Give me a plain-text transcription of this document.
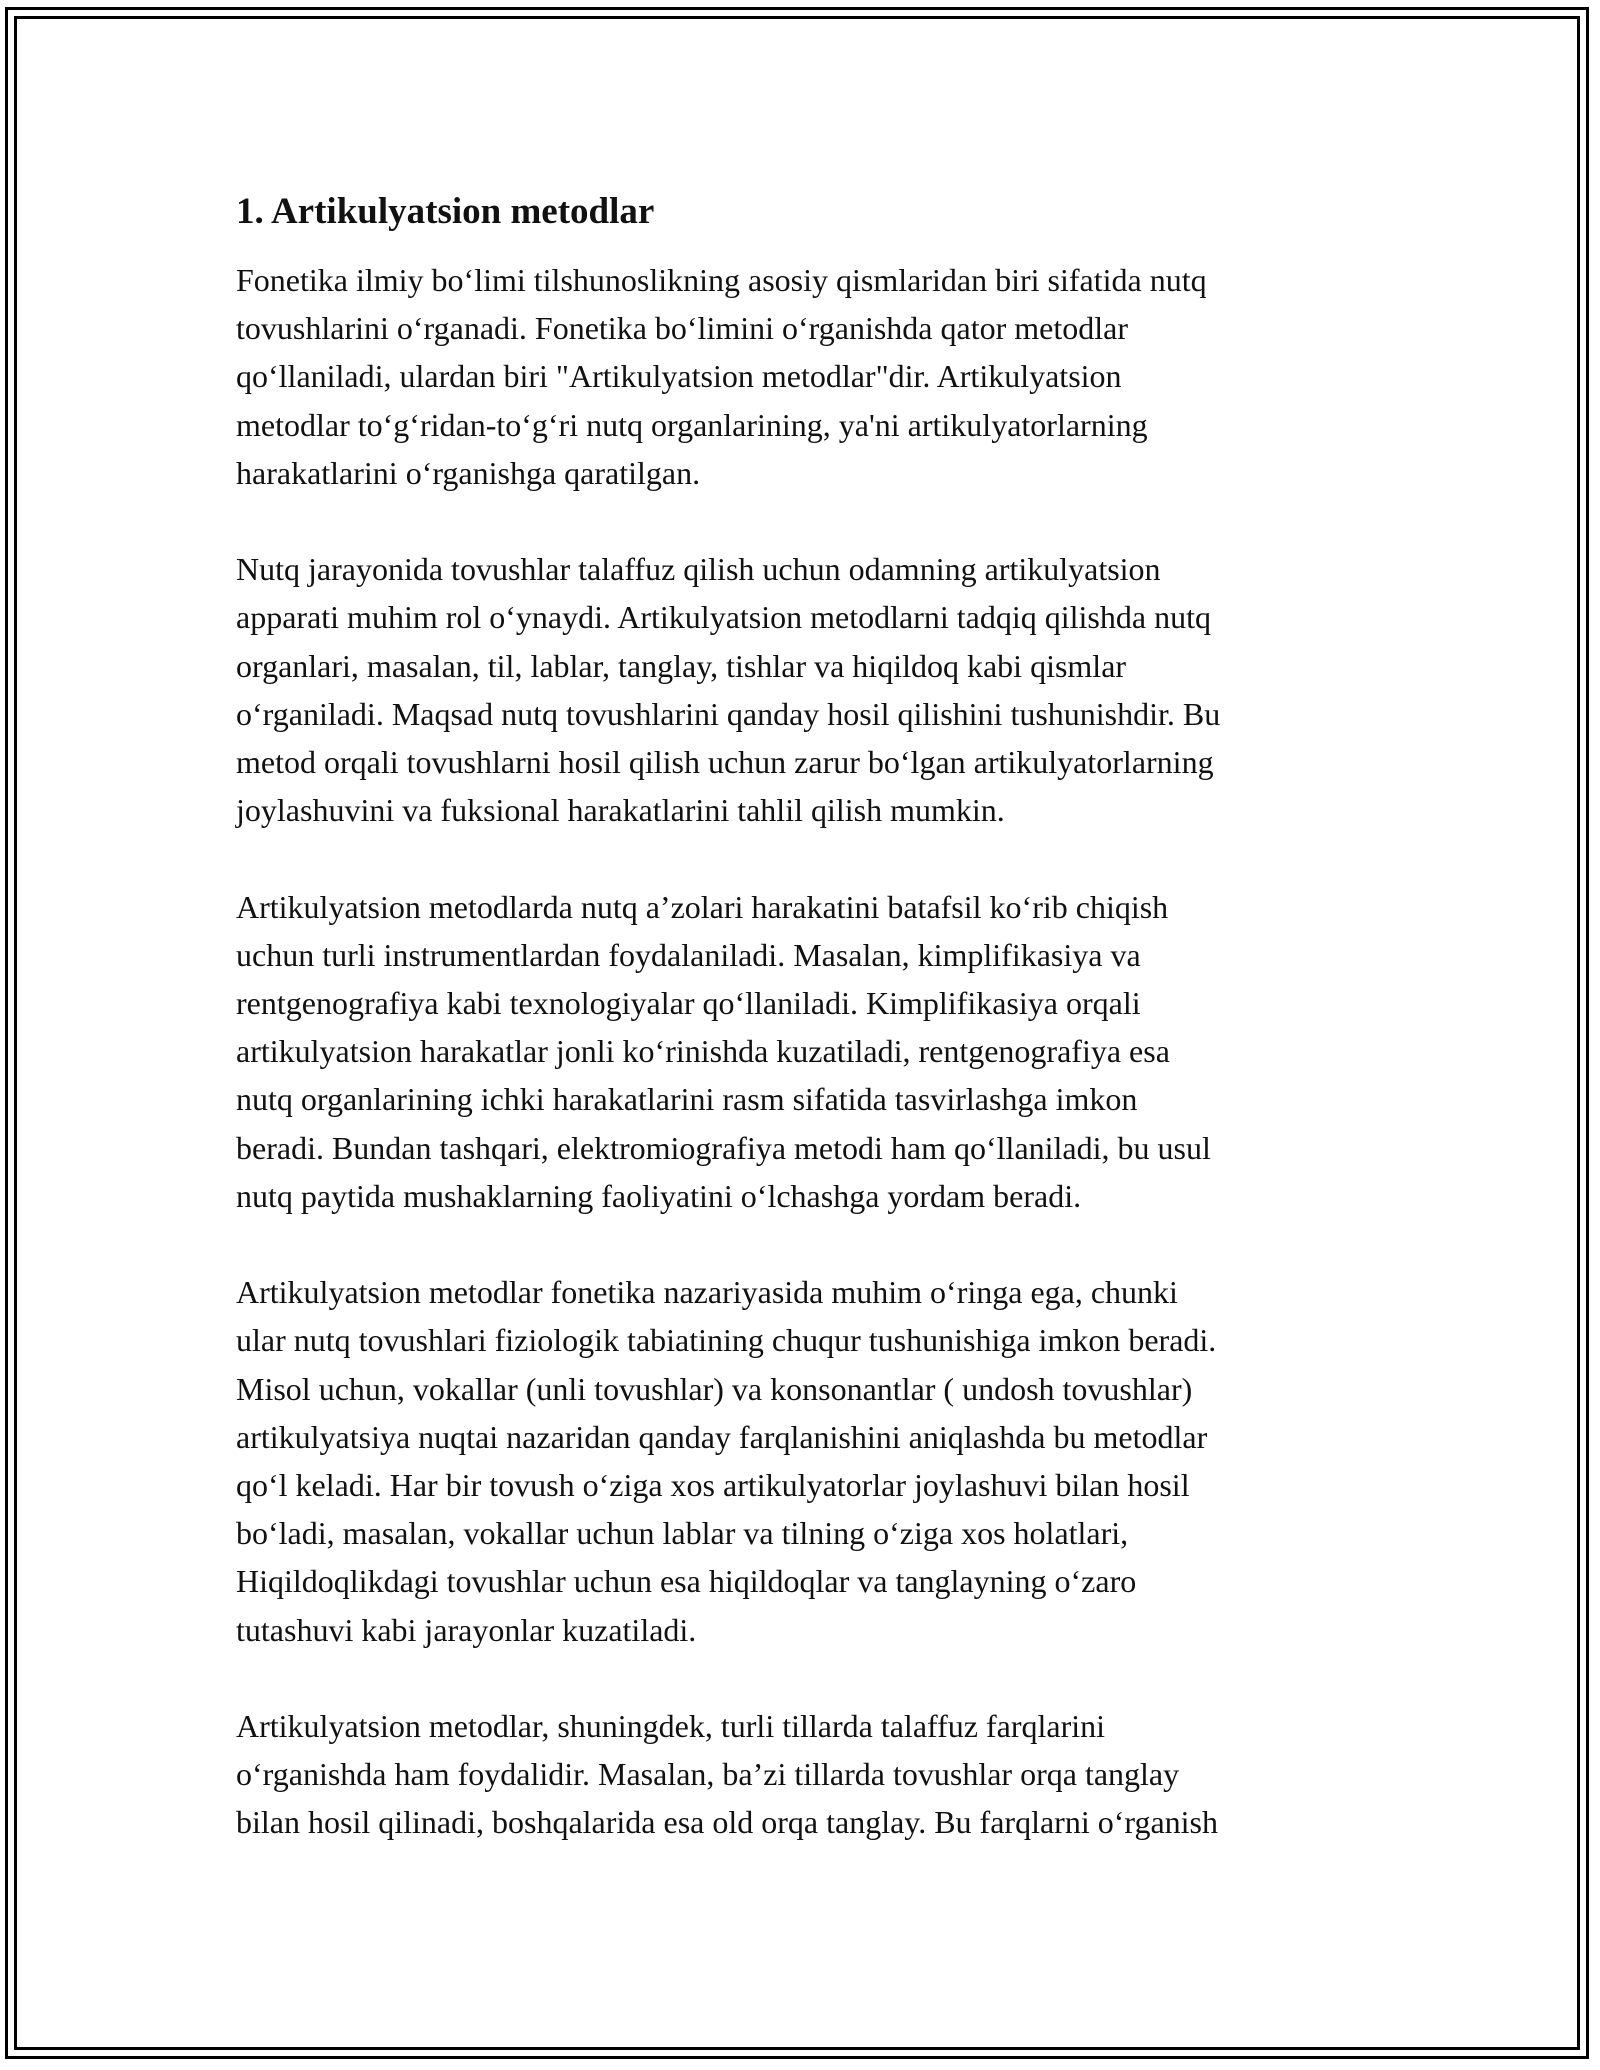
1. Artikulyatsion metodlar

Fonetika ilmiy bo‘limi tilshunoslikning asosiy qismlaridan biri sifatida nutq
tovushlarini o‘rganadi. Fonetika bo‘limini o‘rganishda qator metodlar
qo‘llaniladi, ulardan biri "Artikulyatsion metodlar"dir. Artikulyatsion
metodlar to‘g‘ridan-to‘g‘ri nutq organlarining, ya'ni artikulyatorlarning
harakatlarini o‘rganishga qaratilgan.

Nutq jarayonida tovushlar talaffuz qilish uchun odamning artikulyatsion
apparati muhim rol o‘ynaydi. Artikulyatsion metodlarni tadqiq qilishda nutq
organlari, masalan, til, lablar, tanglay, tishlar va hiqildoq kabi qismlar
o‘rganiladi. Maqsad nutq tovushlarini qanday hosil qilishini tushunishdir. Bu
metod orqali tovushlarni hosil qilish uchun zarur bo‘lgan artikulyatorlarning
joylashuvini va fuksional harakatlarini tahlil qilish mumkin.

Artikulyatsion metodlarda nutq a’zolari harakatini batafsil ko‘rib chiqish
uchun turli instrumentlardan foydalaniladi. Masalan, kimplifikasiya va
rentgenografiya kabi texnologiyalar qo‘llaniladi. Kimplifikasiya orqali
artikulyatsion harakatlar jonli ko‘rinishda kuzatiladi, rentgenografiya esa
nutq organlarining ichki harakatlarini rasm sifatida tasvirlashga imkon
beradi. Bundan tashqari, elektromiografiya metodi ham qo‘llaniladi, bu usul
nutq paytida mushaklarning faoliyatini o‘lchashga yordam beradi.

Artikulyatsion metodlar fonetika nazariyasida muhim o‘ringa ega, chunki
ular nutq tovushlari fiziologik tabiatining chuqur tushunishiga imkon beradi.
Misol uchun, vokallar (unli tovushlar) va konsonantlar ( undosh tovushlar)
artikulyatsiya nuqtai nazaridan qanday farqlanishini aniqlashda bu metodlar
qo‘l keladi. Har bir tovush o‘ziga xos artikulyatorlar joylashuvi bilan hosil
bo‘ladi, masalan, vokallar uchun lablar va tilning o‘ziga xos holatlari,
Hiqildoqlikdagi tovushlar uchun esa hiqildoqlar va tanglayning o‘zaro
tutashuvi kabi jarayonlar kuzatiladi.

Artikulyatsion metodlar, shuningdek, turli tillarda talaffuz farqlarini
o‘rganishda ham foydalidir. Masalan, ba’zi tillarda tovushlar orqa tanglay
bilan hosil qilinadi, boshqalarida esa old orqa tanglay. Bu farqlarni o‘rganish
